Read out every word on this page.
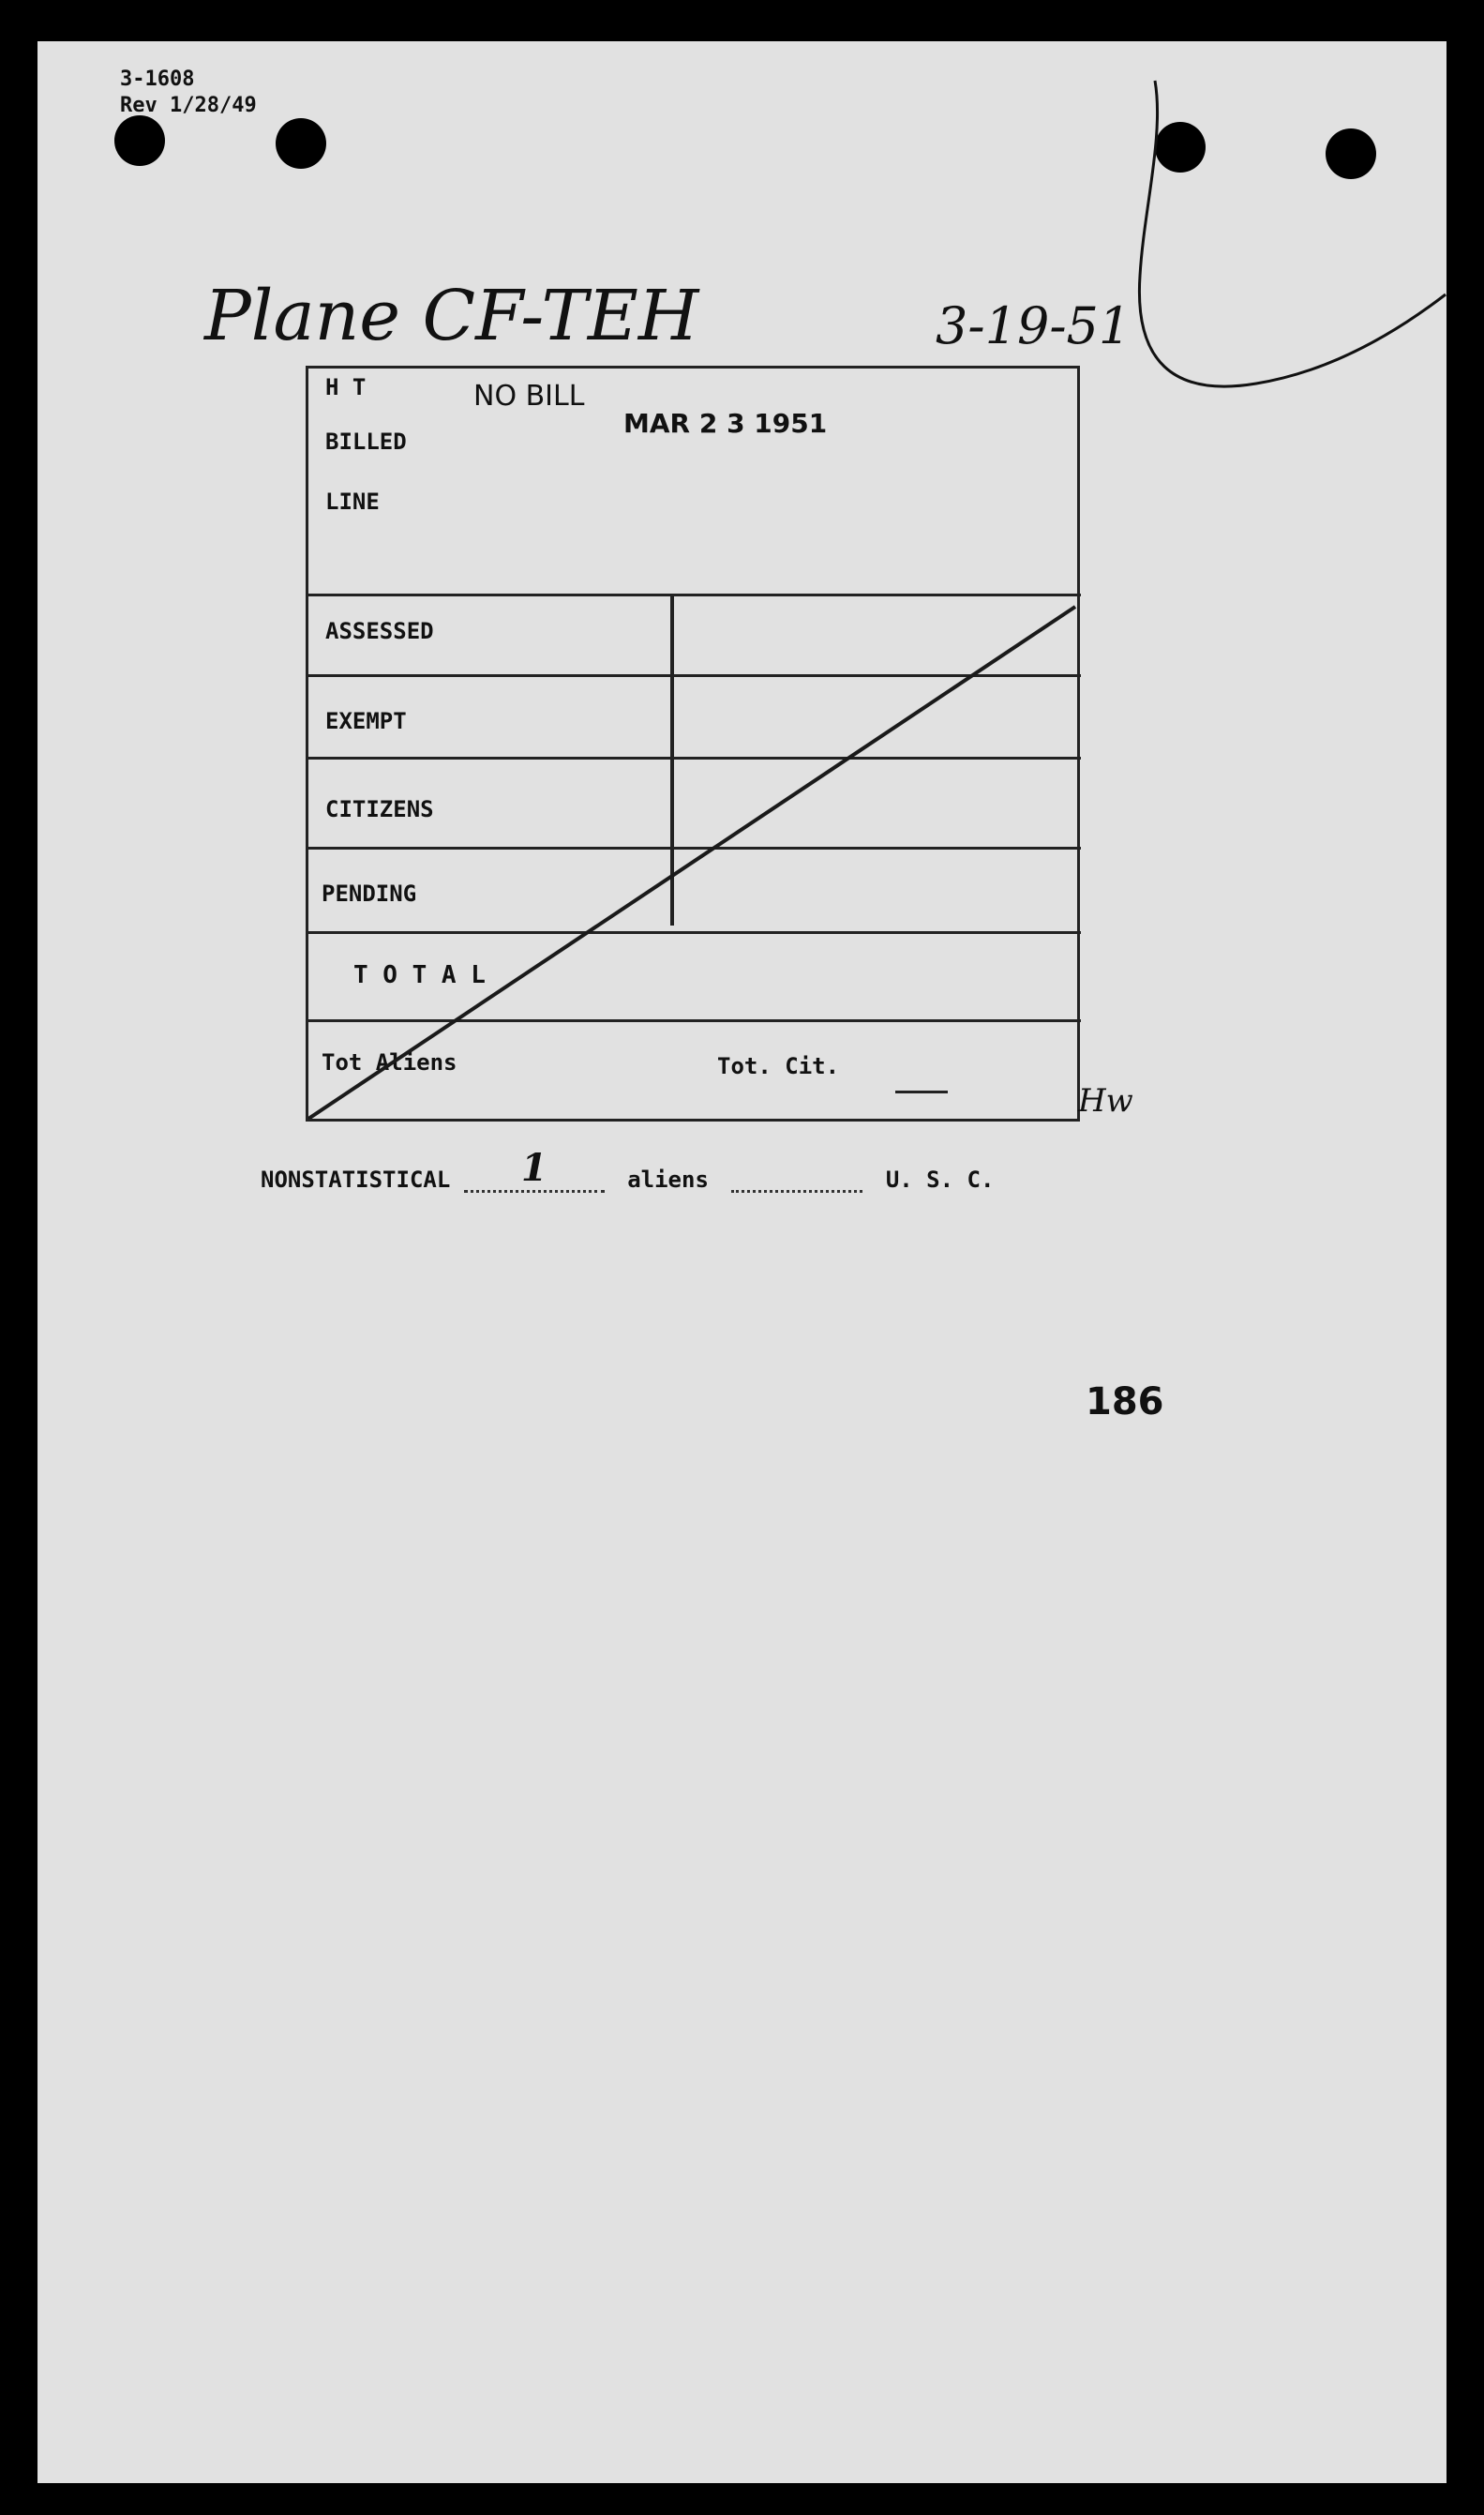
3-1608
Rev 1/28/49
Plane CF-TEH	3-19-51
H T	NO BILL
MAR 2 3 1951
BILLED
LINE
ASSESSED
EXEMPT
CITIZENS
PENDING
T O T A L
Tot Aliens	Tot. Cit.
Hw
NONSTATISTICAL 1	aliens	U. S. C.
186
